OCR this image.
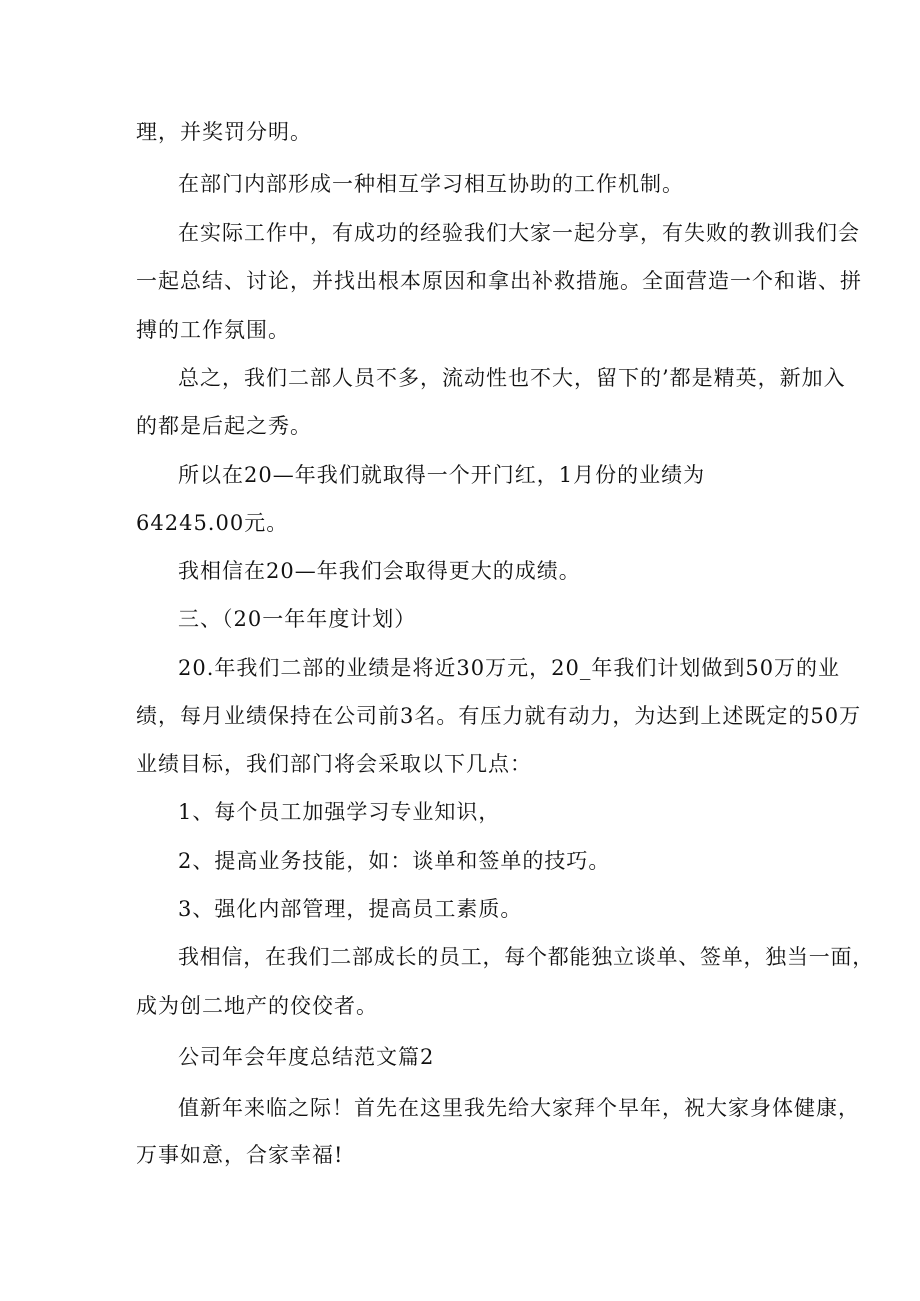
理，并奖罚分明。
在部门内部形成一种相互学习相互协助的工作机制。
在实际工作中，有成功的经验我们大家一起分享，有失败的教训我们会
一起总结、讨论，并找出根本原因和拿出补救措施。全面营造一个和谐、拼
搏的工作氛围。
总之，我们二部人员不多，流动性也不大，留下的’都是精英，新加入
的都是后起之秀。
所以在20—年我们就取得一个开门红，1月份的业绩为
64245.00元。
我相信在20—年我们会取得更大的成绩。
三、（20一年年度计划）
20.年我们二部的业绩是将近30万元，20_年我们计划做到50万的业
绩，每月业绩保持在公司前3名。有压力就有动力，为达到上述既定的50万
业绩目标，我们部门将会采取以下几点：
1、每个员工加强学习专业知识，
2、提高业务技能，如：谈单和签单的技巧。
3、强化内部管理，提高员工素质。
我相信，在我们二部成长的员工，每个都能独立谈单、签单，独当一面，
成为创二地产的佼佼者。
公司年会年度总结范文篇2
值新年来临之际！首先在这里我先给大家拜个早年，祝大家身体健康，
万事如意，合家幸福!
